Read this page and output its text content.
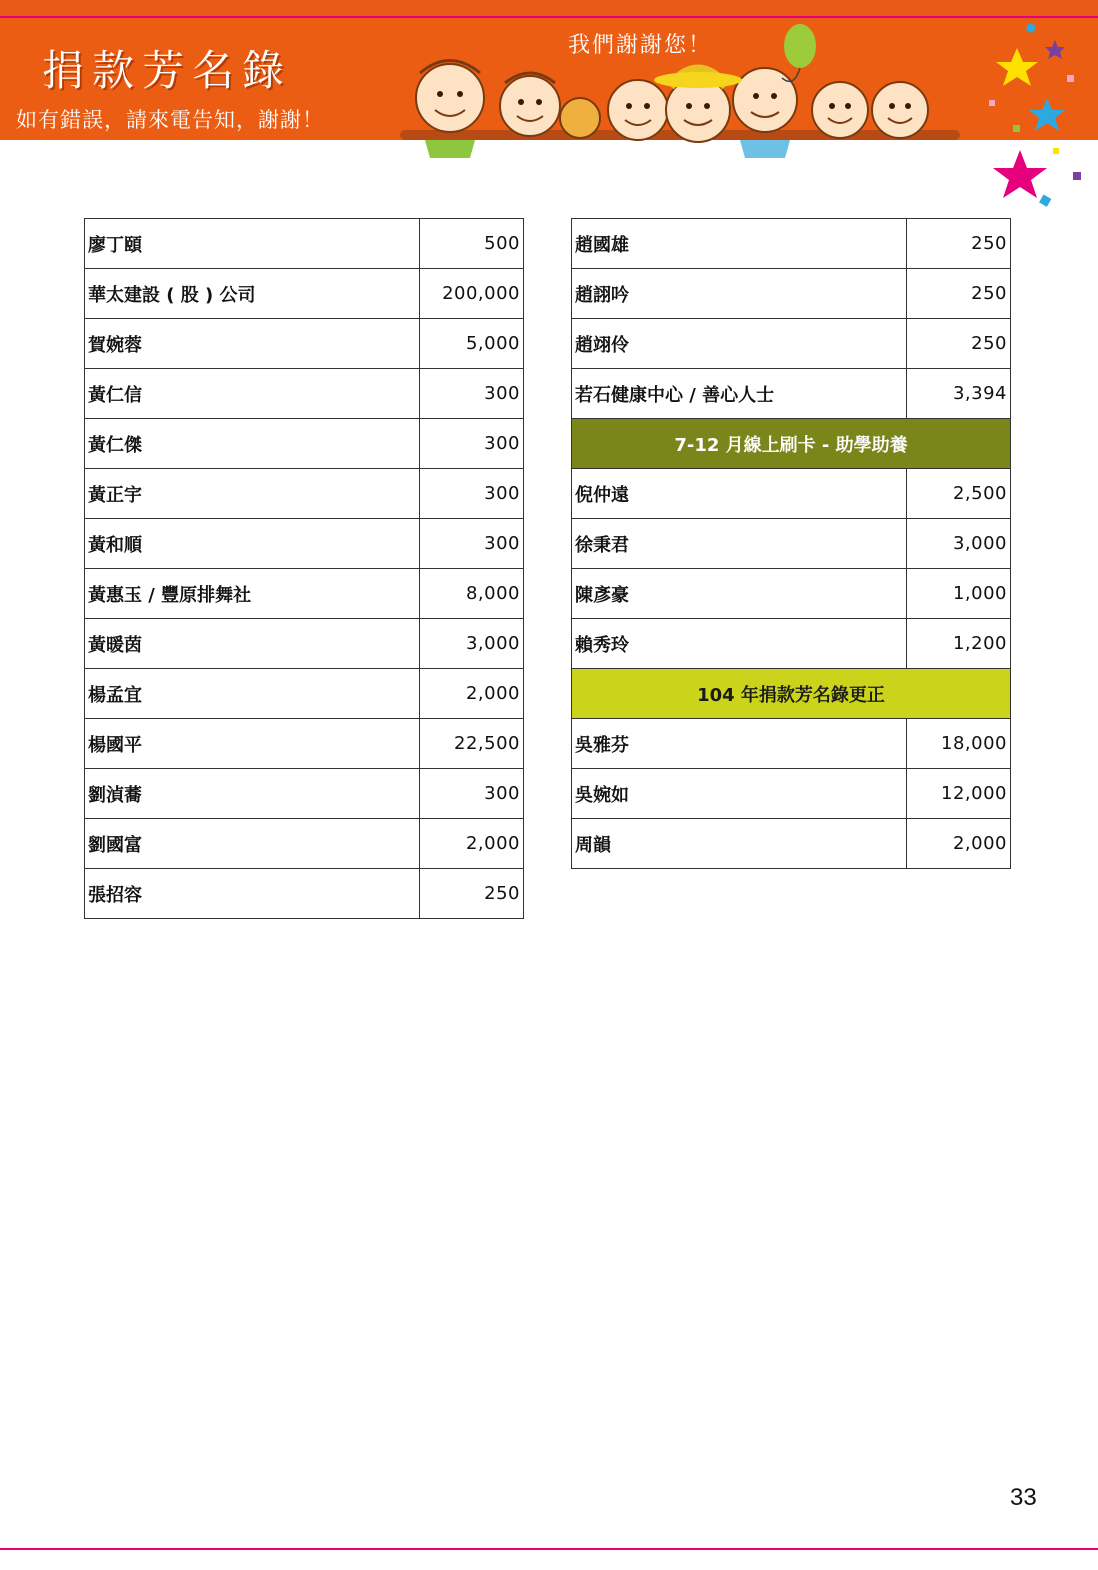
捐款芳名錄
如有錯誤，請來電告知，謝謝！
我們謝謝您！
廖丁頤	500
華太建設 ( 股 ) 公司	200,000
賀婉蓉	5,000
黃仁信	300
黃仁傑	300
黃正宇	300
黃和順	300
黃惠玉 / 豐原排舞社	8,000
黃暖茵	3,000
楊孟宜	2,000
楊國平	22,500
劉湞蕎	300
劉國富	2,000
張招容	250
趙國雄	250
趙詡吟	250
趙翊伶	250
若石健康中心 / 善心人士	3,394
7-12 月線上刷卡 - 助學助養	
倪仲遠	2,500
徐秉君	3,000
陳彥豪	1,000
賴秀玲	1,200
104 年捐款芳名錄更正	
吳雅芬	18,000
吳婉如	12,000
周韻	2,000
33
